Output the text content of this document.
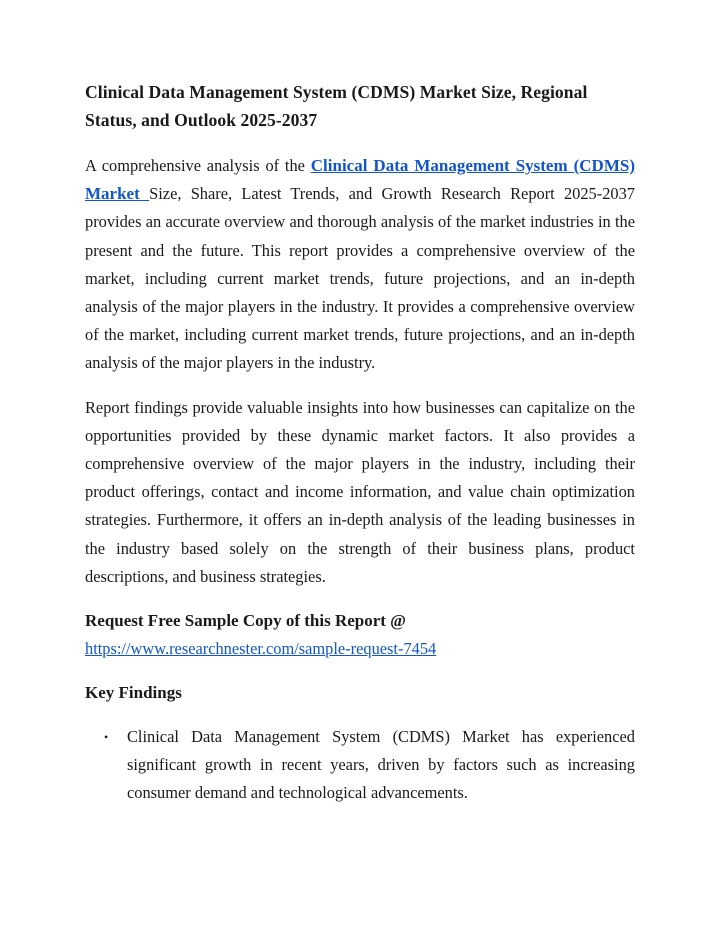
Clinical Data Management System (CDMS) Market Size, Regional Status, and Outlook 2025-2037

A comprehensive analysis of the Clinical Data Management System (CDMS) Market Size, Share, Latest Trends, and Growth Research Report 2025-2037 provides an accurate overview and thorough analysis of the market industries in the present and the future. This report provides a comprehensive overview of the market, including current market trends, future projections, and an in-depth analysis of the major players in the industry. It provides a comprehensive overview of the market, including current market trends, future projections, and an in-depth analysis of the major players in the industry.

Report findings provide valuable insights into how businesses can capitalize on the opportunities provided by these dynamic market factors. It also provides a comprehensive overview of the major players in the industry, including their product offerings, contact and income information, and value chain optimization strategies. Furthermore, it offers an in-depth analysis of the leading businesses in the industry based solely on the strength of their business plans, product descriptions, and business strategies.

Request Free Sample Copy of this Report @
https://www.researchnester.com/sample-request-7454
Key Findings
• Clinical Data Management System (CDMS) Market has experienced significant growth in recent years, driven by factors such as increasing consumer demand and technological advancements.
